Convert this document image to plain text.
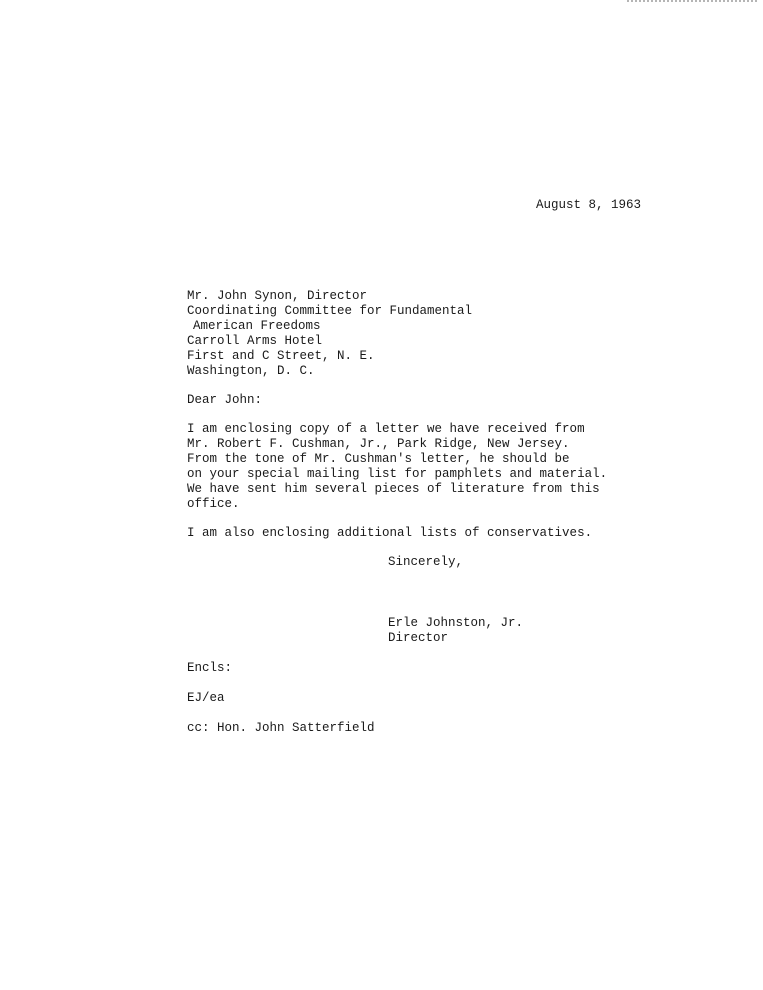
August 8, 1963
Mr. John Synon, Director
Coordinating Committee for Fundamental
American Freedoms
Carroll Arms Hotel
First and C Street, N. E.
Washington, D. C.
Dear John:
I am enclosing copy of a letter we have received from
Mr. Robert F. Cushman, Jr., Park Ridge, New Jersey.
From the tone of Mr. Cushman's letter, he should be
on your special mailing list for pamphlets and material.
We have sent him several pieces of literature from this
office.
I am also enclosing additional lists of conservatives.
Sincerely,
Erle Johnston, Jr.
Director
Encls:
EJ/ea
cc: Hon. John Satterfield
